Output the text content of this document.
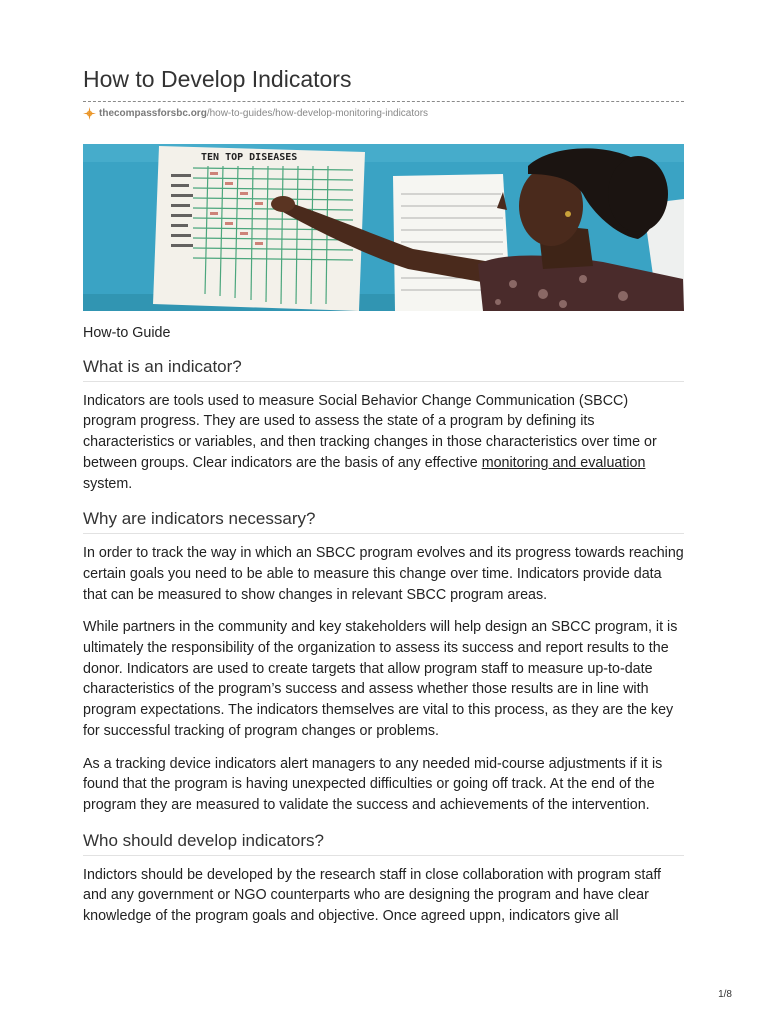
How to Develop Indicators
thecompassforsbc.org /how-to-guides/how-develop-monitoring-indicators
TEN TOP DISEASES

How-to Guide

What is an indicator?

Indicators are tools used to measure Social Behavior Change Communication (SBCC) program progress. They are used to assess the state of a program by defining its characteristics or variables, and then tracking changes in those characteristics over time or between groups. Clear indicators are the basis of any effective monitoring and evaluation system.

Why are indicators necessary?

In order to track the way in which an SBCC program evolves and its progress towards reaching certain goals you need to be able to measure this change over time. Indicators provide data that can be measured to show changes in relevant SBCC program areas.

While partners in the community and key stakeholders will help design an SBCC program, it is ultimately the responsibility of the organization to assess its success and report results to the donor. Indicators are used to create targets that allow program staff to measure up-to-date characteristics of the program’s success and assess whether those results are in line with program expectations. The indicators themselves are vital to this process, as they are the key for successful tracking of program changes or problems.

As a tracking device indicators alert managers to any needed mid-course adjustments if it is found that the program is having unexpected difficulties or going off track. At the end of the program they are measured to validate the success and achievements of the intervention.

Who should develop indicators?

Indictors should be developed by the research staff in close collaboration with program staff and any government or NGO counterparts who are designing the program and have clear knowledge of the program goals and objective. Once agreed uppn, indicators give all

1/8
